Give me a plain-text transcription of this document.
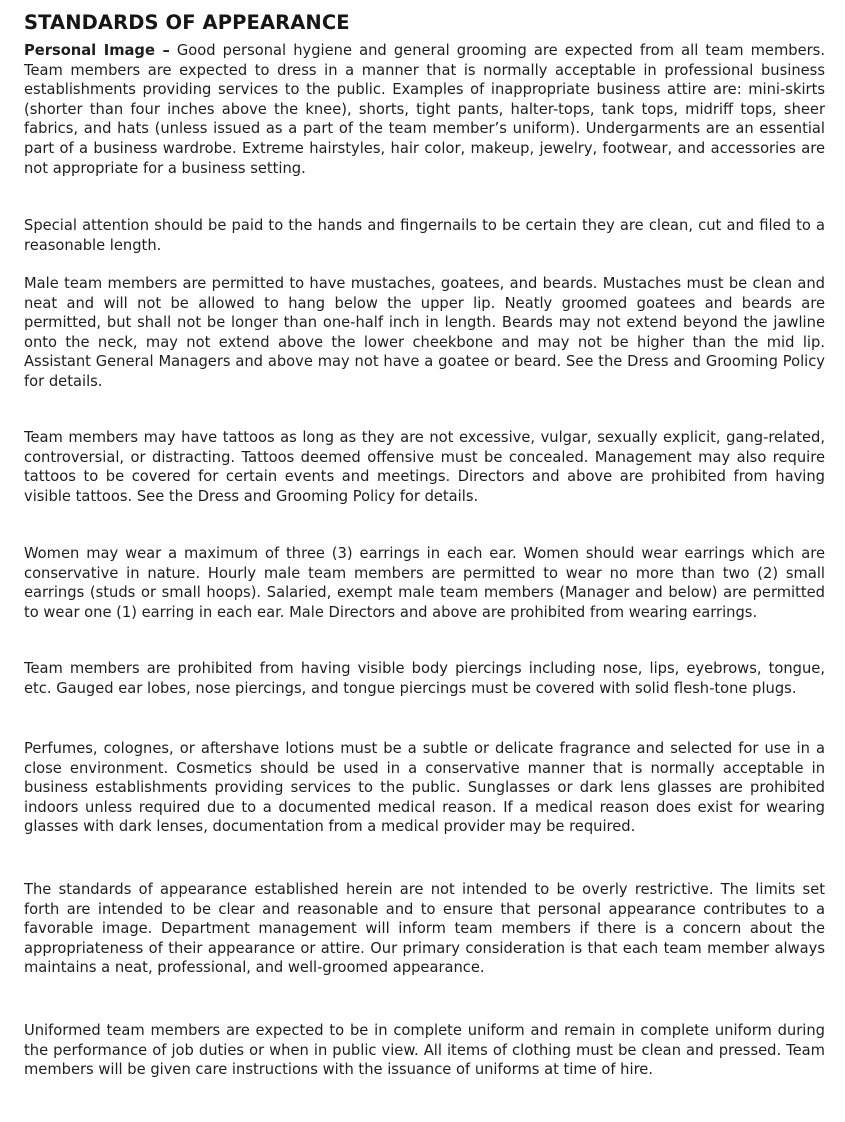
STANDARDS OF APPEARANCE

Personal Image – Good personal hygiene and general grooming are expected from all team members. Team members are expected to dress in a manner that is normally acceptable in professional business establishments providing services to the public. Examples of inappropriate business attire are: mini-skirts (shorter than four inches above the knee), shorts, tight pants, halter-tops, tank tops, midriff tops, sheer fabrics, and hats (unless issued as a part of the team member’s uniform). Undergarments are an essential part of a business wardrobe. Extreme hairstyles, hair color, makeup, jewelry, footwear, and accessories are not appropriate for a business setting.

Special attention should be paid to the hands and fingernails to be certain they are clean, cut and filed to a reasonable length.

Male team members are permitted to have mustaches, goatees, and beards. Mustaches must be clean and neat and will not be allowed to hang below the upper lip. Neatly groomed goatees and beards are permitted, but shall not be longer than one-half inch in length. Beards may not extend beyond the jawline onto the neck, may not extend above the lower cheekbone and may not be higher than the mid lip. Assistant General Managers and above may not have a goatee or beard. See the Dress and Grooming Policy for details.

Team members may have tattoos as long as they are not excessive, vulgar, sexually explicit, gang-related, controversial, or distracting. Tattoos deemed offensive must be concealed. Management may also require tattoos to be covered for certain events and meetings. Directors and above are prohibited from having visible tattoos. See the Dress and Grooming Policy for details.

Women may wear a maximum of three (3) earrings in each ear. Women should wear earrings which are conservative in nature. Hourly male team members are permitted to wear no more than two (2) small earrings (studs or small hoops). Salaried, exempt male team members (Manager and below) are permitted to wear one (1) earring in each ear. Male Directors and above are prohibited from wearing earrings.

Team members are prohibited from having visible body piercings including nose, lips, eyebrows, tongue, etc. Gauged ear lobes, nose piercings, and tongue piercings must be covered with solid flesh-tone plugs.

Perfumes, colognes, or aftershave lotions must be a subtle or delicate fragrance and selected for use in a close environment. Cosmetics should be used in a conservative manner that is normally acceptable in business establishments providing services to the public. Sunglasses or dark lens glasses are prohibited indoors unless required due to a documented medical reason. If a medical reason does exist for wearing glasses with dark lenses, documentation from a medical provider may be required.

The standards of appearance established herein are not intended to be overly restrictive. The limits set forth are intended to be clear and reasonable and to ensure that personal appearance contributes to a favorable image. Department management will inform team members if there is a concern about the appropriateness of their appearance or attire. Our primary consideration is that each team member always maintains a neat, professional, and well-groomed appearance.

Uniformed team members are expected to be in complete uniform and remain in complete uniform during the performance of job duties or when in public view. All items of clothing must be clean and pressed. Team members will be given care instructions with the issuance of uniforms at time of hire.
